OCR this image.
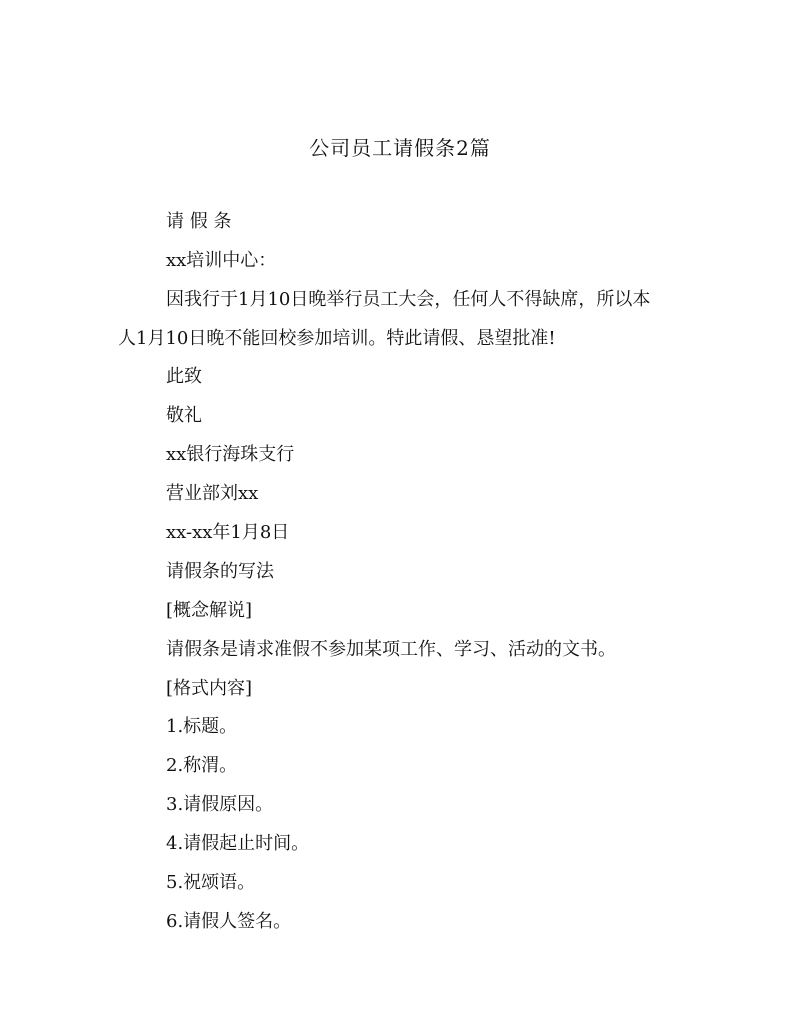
公司员工请假条2篇
请 假 条
xx培训中心：
因我行于1月10日晚举行员工大会，任何人不得缺席，所以本
人1月10日晚不能回校参加培训。特此请假、恳望批准!
此致
敬礼
xx银行海珠支行
营业部刘xx
xx-xx年1月8日
请假条的写法
[概念解说]
请假条是请求准假不参加某项工作、学习、活动的文书。
[格式内容]
1.标题。
2.称渭。
3.请假原因。
4.请假起止时间。
5.祝颂语。
6.请假人签名。
